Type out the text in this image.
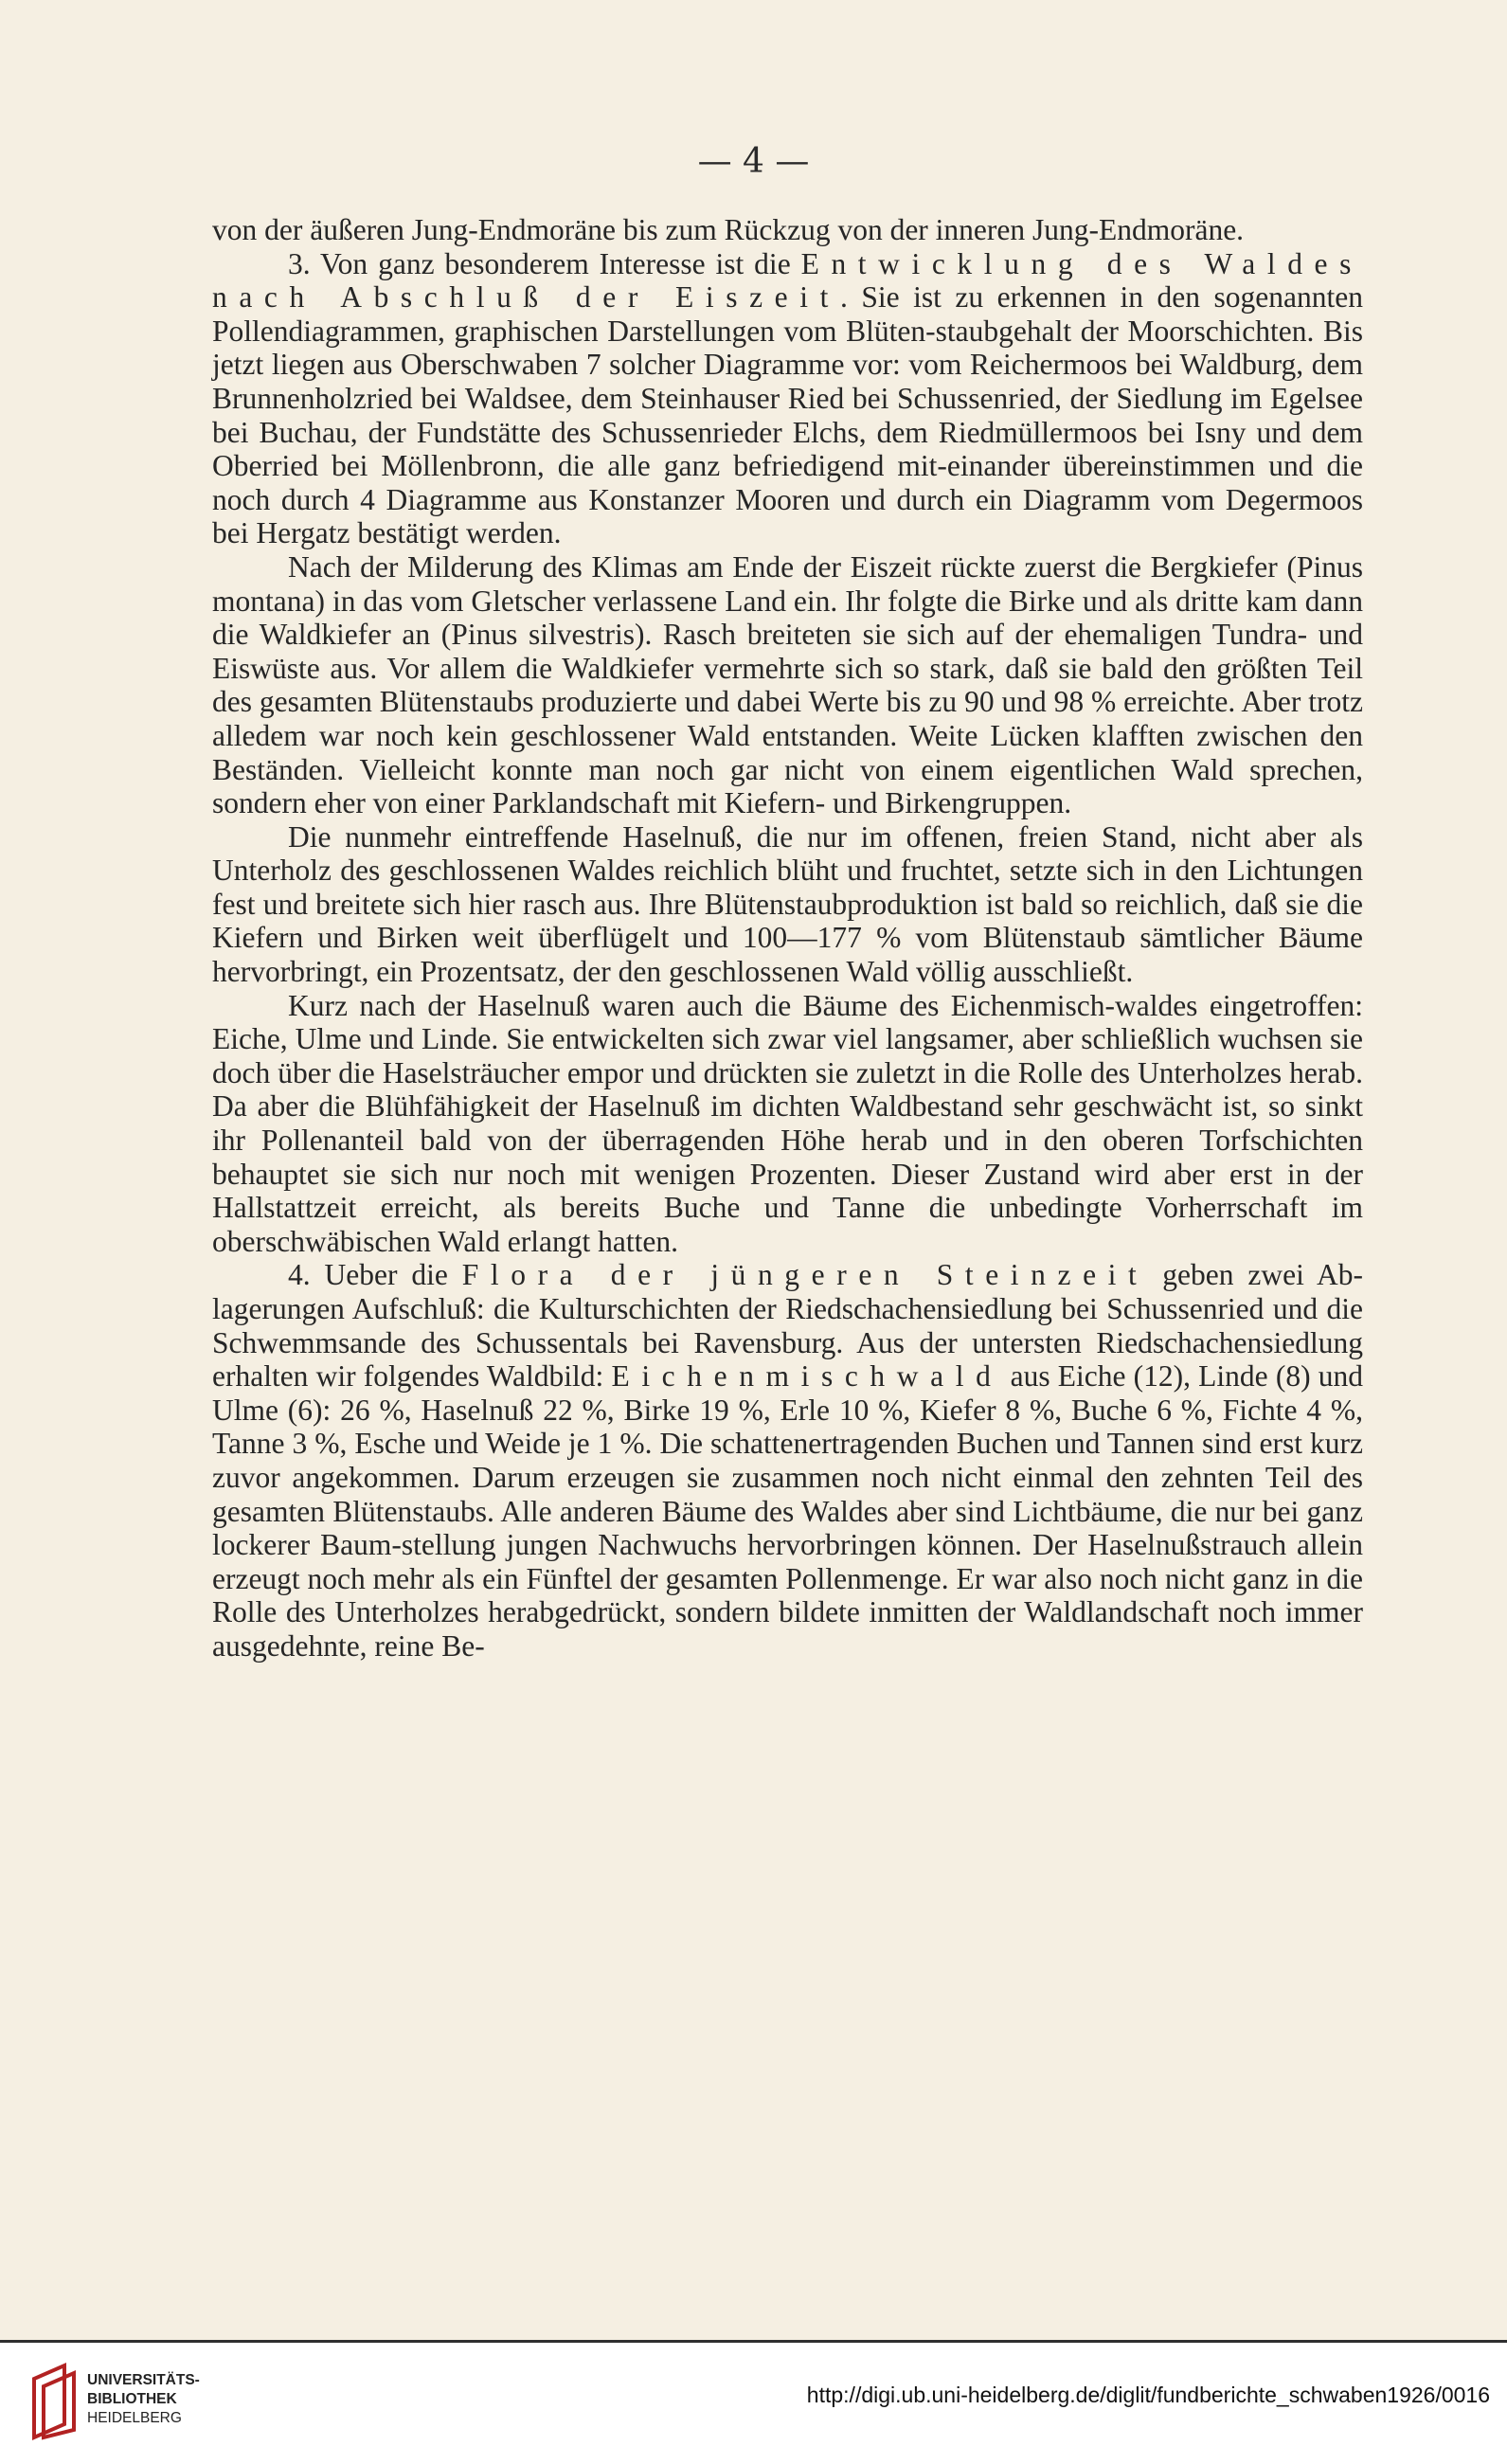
— 4 —

von der äußeren Jung-Endmoräne bis zum Rückzug von der inneren Jung-Endmoräne.

3. Von ganz besonderem Interesse ist die Entwicklung des Waldes nach Abschluß der Eiszeit. Sie ist zu erkennen in den sogenannten Pollendiagrammen, graphischen Darstellungen vom Blüten-staubgehalt der Moorschichten. Bis jetzt liegen aus Oberschwaben 7 solcher Diagramme vor: vom Reichermoos bei Waldburg, dem Brunnenholzried bei Waldsee, dem Steinhauser Ried bei Schussenried, der Siedlung im Egelsee bei Buchau, der Fundstätte des Schussenrieder Elchs, dem Riedmüllermoos bei Isny und dem Oberried bei Möllenbronn, die alle ganz befriedigend mit-einander übereinstimmen und die noch durch 4 Diagramme aus Konstanzer Mooren und durch ein Diagramm vom Degermoos bei Hergatz bestätigt werden.

Nach der Milderung des Klimas am Ende der Eiszeit rückte zuerst die Bergkiefer (Pinus montana) in das vom Gletscher verlassene Land ein. Ihr folgte die Birke und als dritte kam dann die Waldkiefer an (Pinus silvestris). Rasch breiteten sie sich auf der ehemaligen Tundra- und Eiswüste aus. Vor allem die Waldkiefer vermehrte sich so stark, daß sie bald den größten Teil des gesamten Blütenstaubs produzierte und dabei Werte bis zu 90 und 98 % erreichte. Aber trotz alledem war noch kein geschlossener Wald entstanden. Weite Lücken klafften zwischen den Beständen. Vielleicht konnte man noch gar nicht von einem eigentlichen Wald sprechen, sondern eher von einer Parklandschaft mit Kiefern- und Birkengruppen.

Die nunmehr eintreffende Haselnuß, die nur im offenen, freien Stand, nicht aber als Unterholz des geschlossenen Waldes reichlich blüht und fruchtet, setzte sich in den Lichtungen fest und breitete sich hier rasch aus. Ihre Blütenstaubproduktion ist bald so reichlich, daß sie die Kiefern und Birken weit überflügelt und 100—177 % vom Blütenstaub sämtlicher Bäume hervorbringt, ein Prozentsatz, der den geschlossenen Wald völlig ausschließt.

Kurz nach der Haselnuß waren auch die Bäume des Eichenmisch-waldes eingetroffen: Eiche, Ulme und Linde. Sie entwickelten sich zwar viel langsamer, aber schließlich wuchsen sie doch über die Haselsträucher empor und drückten sie zuletzt in die Rolle des Unterholzes herab. Da aber die Blühfähigkeit der Haselnuß im dichten Waldbestand sehr geschwächt ist, so sinkt ihr Pollenanteil bald von der überragenden Höhe herab und in den oberen Torfschichten behauptet sie sich nur noch mit wenigen Prozenten. Dieser Zustand wird aber erst in der Hallstattzeit erreicht, als bereits Buche und Tanne die unbedingte Vorherrschaft im oberschwäbischen Wald erlangt hatten.

4. Ueber die Flora der jüngeren Steinzeit geben zwei Ab-lagerungen Aufschluß: die Kulturschichten der Riedschachensiedlung bei Schussenried und die Schwemmsande des Schussentals bei Ravensburg. Aus der untersten Riedschachensiedlung erhalten wir folgendes Waldbild: Eichenmischwald aus Eiche (12), Linde (8) und Ulme (6): 26 %, Haselnuß 22 %, Birke 19 %, Erle 10 %, Kiefer 8 %, Buche 6 %, Fichte 4 %, Tanne 3 %, Esche und Weide je 1 %. Die schattenertragenden Buchen und Tannen sind erst kurz zuvor angekommen. Darum erzeugen sie zusammen noch nicht einmal den zehnten Teil des gesamten Blütenstaubs. Alle anderen Bäume des Waldes aber sind Lichtbäume, die nur bei ganz lockerer Baum-stellung jungen Nachwuchs hervorbringen können. Der Haselnußstrauch allein erzeugt noch mehr als ein Fünftel der gesamten Pollenmenge. Er war also noch nicht ganz in die Rolle des Unterholzes herabgedrückt, sondern bildete inmitten der Waldlandschaft noch immer ausgedehnte, reine Be-

UNIVERSITÄTS-
BIBLIOTHEK
HEIDELBERG
http://digi.ub.uni-heidelberg.de/diglit/fundberichte_schwaben1926/0016
